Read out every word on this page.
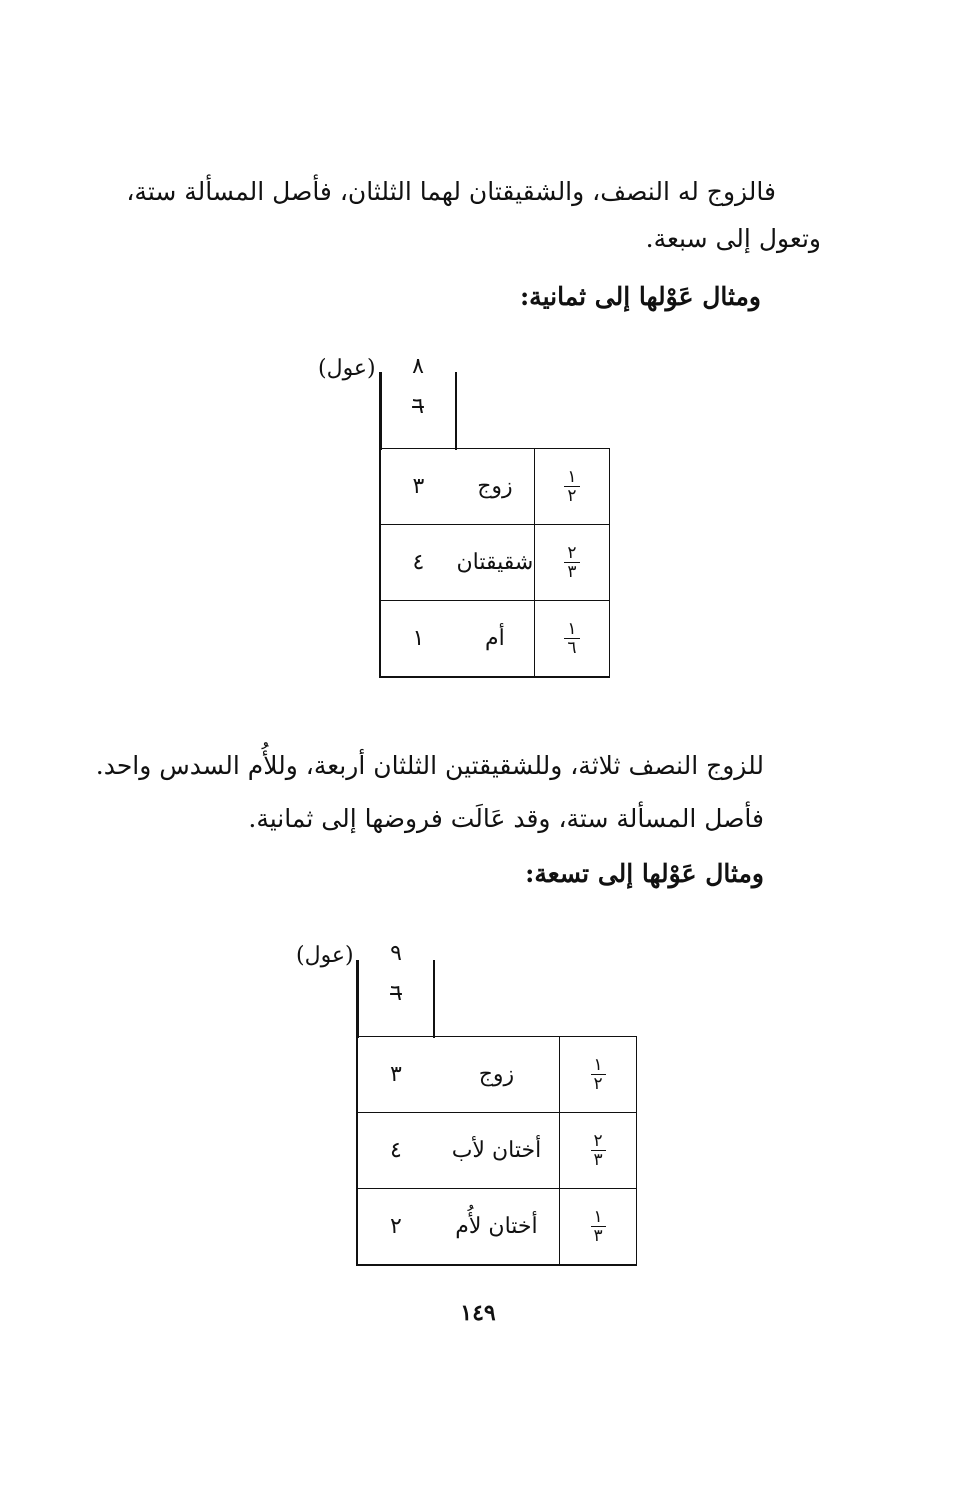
فالزوج له النصف، والشقيقتان لهما الثلثان، فأصل المسألة ستة،
وتعول إلى سبعة.
ومثال عَوْلها إلى ثمانية:
(عول)	٨
٦
٣	زوج	$\frac{١}{٢}$

٤	شقيقتان	$\frac{٢}{٣}$

١	أم	$\frac{١}{٦}$
للزوج النصف ثلاثة، وللشقيقتين الثلثان أربعة، وللأُم السدس واحد.
فأصل المسألة ستة، وقد عَالَت فروضها إلى ثمانية.
ومثال عَوْلها إلى تسعة:
(عول)	٩
٦
٣	زوج	$\frac{١}{٢}$

٤	أختان لأب	$\frac{٢}{٣}$

٢	أختان لأُم	$\frac{١}{٣}$
١٤٩
